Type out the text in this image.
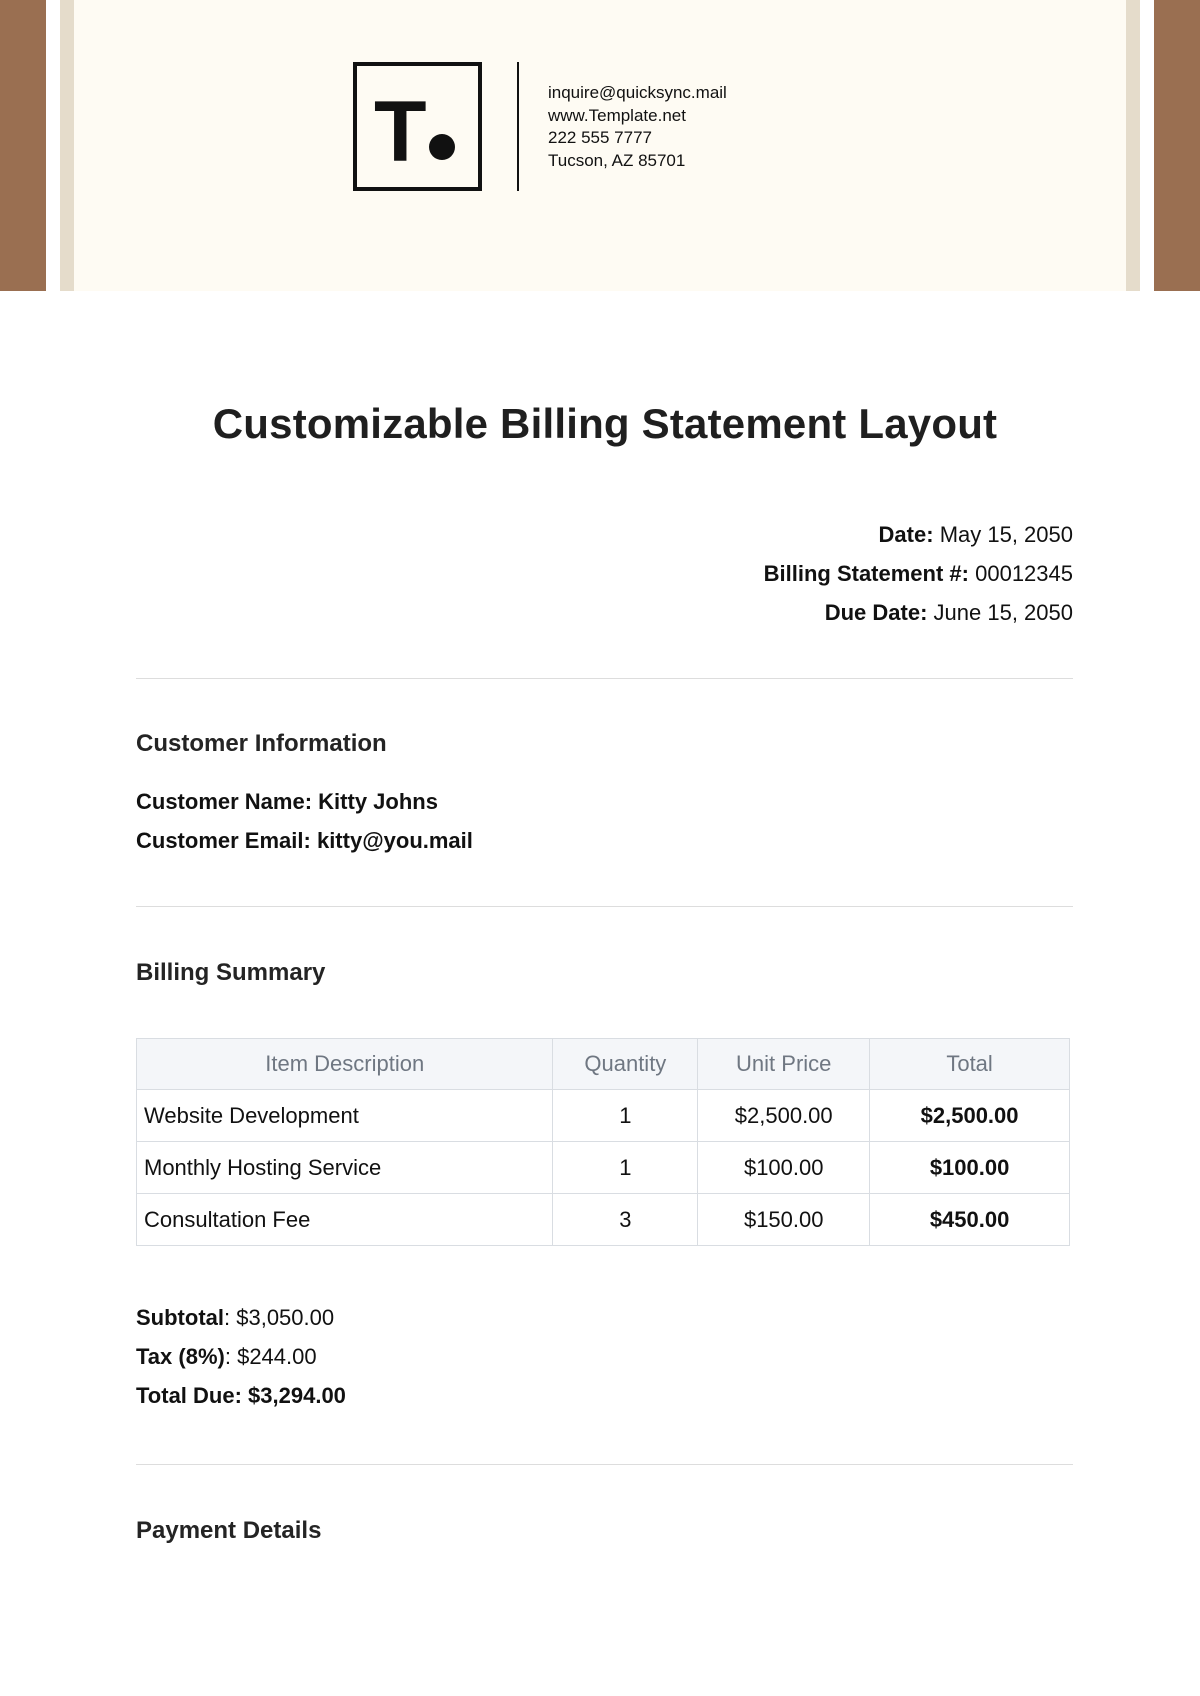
T	inquire@quicksync.mail
www.Template.net
222 555 7777
Tucson, AZ 85701
Customizable Billing Statement Layout
Date: May 15, 2050
Billing Statement #: 00012345
Due Date: June 15, 2050
Customer Information
Customer Name: Kitty Johns
Customer Email: kitty@you.mail
Billing Summary
Item Description	Quantity	Unit Price	Total
Website Development	1	$2,500.00	$2,500.00
Monthly Hosting Service	1	$100.00	$100.00
Consultation Fee	3	$150.00	$450.00
Subtotal: $3,050.00
Tax (8%): $244.00
Total Due: $3,294.00
Payment Details
